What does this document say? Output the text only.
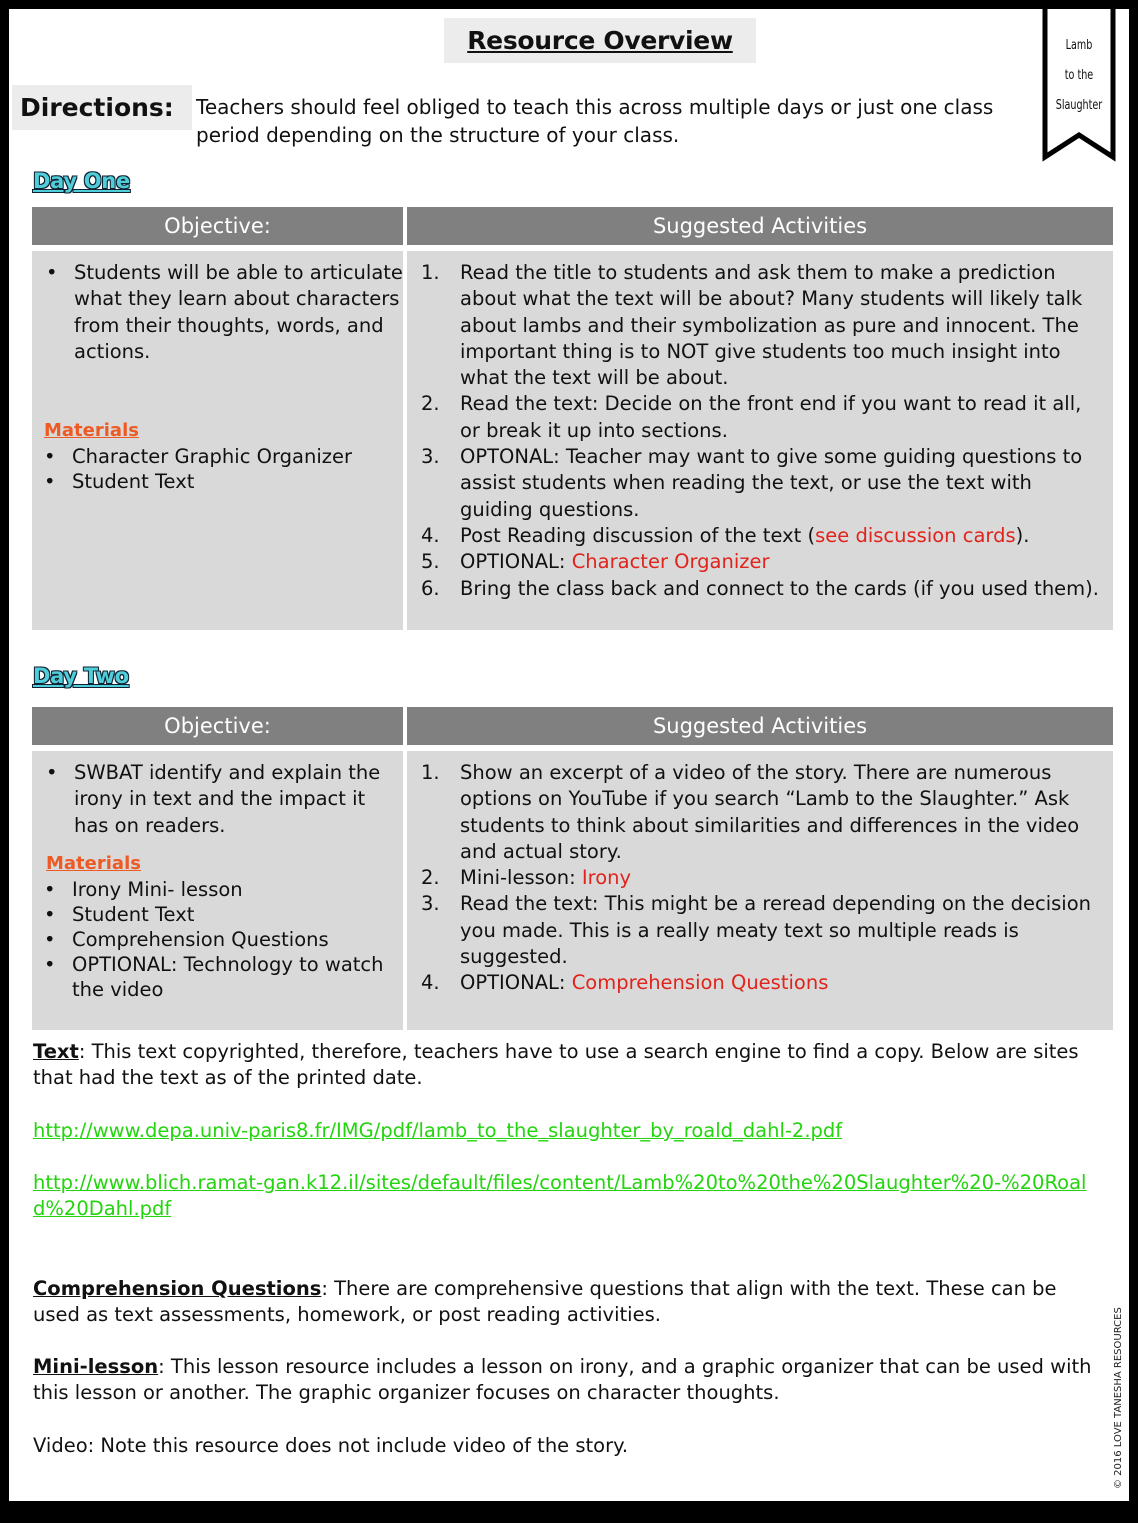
Resource Overview	Lamb
to the
Slaughter
Directions:	Teachers should feel obliged to teach this across multiple days or just one class period depending on the structure of your class.
Day One
Objective:	Suggested Activities
• Students will be able to articulate what they learn about characters from their thoughts, words, and actions.
Materials
• Character Graphic Organizer
• Student Text
1. Read the title to students and ask them to make a prediction about what the text will be about? Many students will likely talk about lambs and their symbolization as pure and innocent. The important thing is to NOT give students too much insight into what the text will be about.
2. Read the text: Decide on the front end if you want to read it all, or break it up into sections.
3. OPTONAL: Teacher may want to give some guiding questions to assist students when reading the text, or use the text with guiding questions.
4. Post Reading discussion of the text (see discussion cards).
5. OPTIONAL: Character Organizer
6. Bring the class back and connect to the cards (if you used them).
Day Two
Objective:	Suggested Activities
• SWBAT identify and explain the irony in text and the impact it has on readers.
Materials
• Irony Mini- lesson
• Student Text
• Comprehension Questions
• OPTIONAL: Technology to watch the video
1. Show an excerpt of a video of the story. There are numerous options on YouTube if you search “Lamb to the Slaughter.” Ask students to think about similarities and differences in the video and actual story.
2. Mini-lesson: Irony
3. Read the text: This might be a reread depending on the decision you made. This is a really meaty text so multiple reads is suggested.
4. OPTIONAL: Comprehension Questions
Text: This text copyrighted, therefore, teachers have to use a search engine to find a copy. Below are sites that had the text as of the printed date.
http://www.depa.univ-paris8.fr/IMG/pdf/lamb_to_the_slaughter_by_roald_dahl-2.pdf
http://www.blich.ramat-gan.k12.il/sites/default/files/content/Lamb%20to%20the%20Slaughter%20-%20Roald%20Dahl.pdf
Comprehension Questions: There are comprehensive questions that align with the text. These can be used as text assessments, homework, or post reading activities.
Mini-lesson: This lesson resource includes a lesson on irony, and a graphic organizer that can be used with this lesson or another. The graphic organizer focuses on character thoughts.
Video: Note this resource does not include video of the story.	© 2016 LOVE TANESHA RESOURCES
